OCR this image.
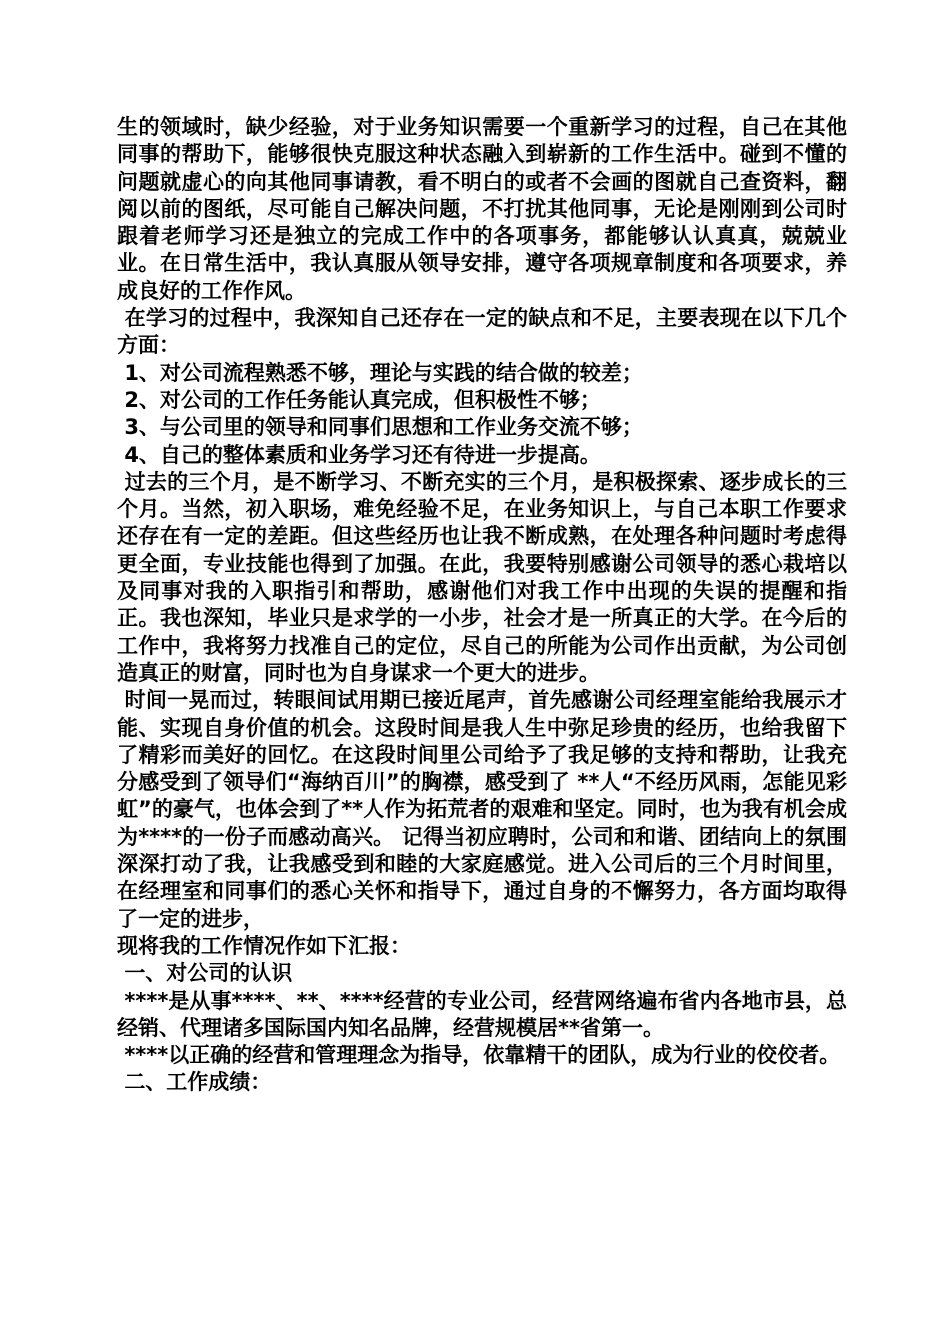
生的领域时，缺少经验，对于业务知识需要一个重新学习的过程，自己在其他同事的帮助下，能够很快克服这种状态融入到崭新的工作生活中。碰到不懂的问题就虚心的向其他同事请教，看不明白的或者不会画的图就自己查资料，翻阅以前的图纸，尽可能自己解决问题，不打扰其他同事，无论是刚刚到公司时跟着老师学习还是独立的完成工作中的各项事务，都能够认认真真，兢兢业业。在日常生活中，我认真服从领导安排，遵守各项规章制度和各项要求，养成良好的工作作风。

在学习的过程中，我深知自己还存在一定的缺点和不足，主要表现在以下几个方面：

1、对公司流程熟悉不够，理论与实践的结合做的较差；

2、对公司的工作任务能认真完成，但积极性不够；

3、与公司里的领导和同事们思想和工作业务交流不够；

4、自己的整体素质和业务学习还有待进一步提高。

过去的三个月，是不断学习、不断充实的三个月，是积极探索、逐步成长的三个月。当然，初入职场，难免经验不足，在业务知识上，与自己本职工作要求还存在有一定的差距。但这些经历也让我不断成熟，在处理各种问题时考虑得更全面，专业技能也得到了加强。在此，我要特别感谢公司领导的悉心栽培以及同事对我的入职指引和帮助，感谢他们对我工作中出现的失误的提醒和指正。我也深知，毕业只是求学的一小步，社会才是一所真正的大学。在今后的工作中，我将努力找准自己的定位，尽自己的所能为公司作出贡献，为公司创造真正的财富，同时也为自身谋求一个更大的进步。

时间一晃而过，转眼间试用期已接近尾声，首先感谢公司经理室能给我展示才能、实现自身价值的机会。这段时间是我人生中弥足珍贵的经历，也给我留下了精彩而美好的回忆。在这段时间里公司给予了我足够的支持和帮助，让我充分感受到了领导们“海纳百川”的胸襟，感受到了 **人“不经历风雨，怎能见彩虹”的豪气，也体会到了**人作为拓荒者的艰难和坚定。同时，也为我有机会成为****的一份子而感动高兴。 记得当初应聘时，公司和和谐、团结向上的氛围深深打动了我，让我感受到和睦的大家庭感觉。进入公司后的三个月时间里，在经理室和同事们的悉心关怀和指导下，通过自身的不懈努力，各方面均取得了一定的进步，

现将我的工作情况作如下汇报：

一、对公司的认识

****是从事****、**、****经营的专业公司，经营网络遍布省内各地市县，总经销、代理诸多国际国内知名品牌，经营规模居**省第一。

****以正确的经营和管理理念为指导，依靠精干的团队，成为行业的佼佼者。

二、工作成绩：
